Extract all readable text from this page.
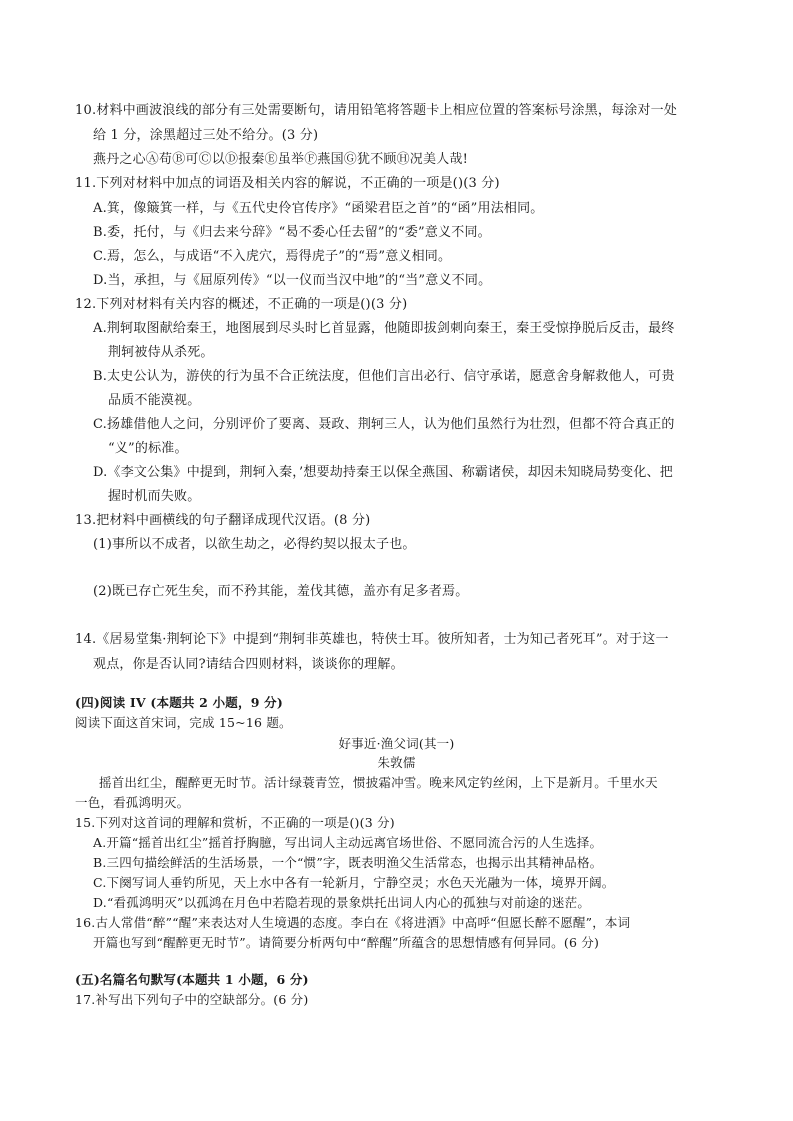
10.材料中画波浪线的部分有三处需要断句，请用铅笔将答题卡上相应位置的答案标号涂黑，每涂对一处
给 1 分，涂黑超过三处不给分。(3 分)
燕丹之心Ⓐ苟Ⓑ可Ⓒ以Ⓓ报秦Ⓔ虽举Ⓕ燕国Ⓖ犹不顾Ⓗ况美人哉!
11.下列对材料中加点的词语及相关内容的解说，不正确的一项是()(3 分)
A.箕，像簸箕一样，与《五代史伶官传序》“函梁君臣之首”的“函”用法相同。
B.委，托付，与《归去来兮辞》“曷不委心任去留”的“委”意义不同。
C.焉，怎么，与成语“不入虎穴，焉得虎子”的“焉”意义相同。
D.当，承担，与《屈原列传》“以一仪而当汉中地”的“当”意义不同。
12.下列对材料有关内容的概述，不正确的一项是()(3 分)
A.荆轲取图献给秦王，地图展到尽头时匕首显露，他随即拔剑刺向秦王，秦王受惊挣脱后反击，最终
荆轲被侍从杀死。
B.太史公认为，游侠的行为虽不合正统法度，但他们言出必行、信守承诺，愿意舍身解救他人，可贵
品质不能漠视。
C.扬雄借他人之问，分别评价了要离、聂政、荆轲三人，认为他们虽然行为壮烈，但都不符合真正的
“义”的标准。
D.《李文公集》中提到，荆轲入秦，’想要劫持秦王以保全燕国、称霸诸侯，却因未知晓局势变化、把
握时机而失败。
13.把材料中画横线的句子翻译成现代汉语。(8 分)
(1)事所以不成者，以欲生劫之，必得约契以报太子也。
(2)既已存亡死生矣，而不矜其能，羞伐其德，盖亦有足多者焉。
14.《居易堂集·荆轲论下》中提到“荆轲非英雄也，特侠士耳。彼所知者，士为知己者死耳”。对于这一
观点，你是否认同?请结合四则材料，谈谈你的理解。
(四)阅读 IV (本题共 2 小题，9 分)
阅读下面这首宋词，完成 15~16 题。
好事近·渔父词(其一)
朱敦儒
摇首出红尘，醒醉更无时节。活计绿蓑青笠，惯披霜冲雪。晚来风定钓丝闲，上下是新月。千里水天
一色，看孤鸿明灭。
15.下列对这首词的理解和赏析，不正确的一项是()(3 分)
A.开篇“摇首出红尘”摇首抒胸臆，写出词人主动远离官场世俗、不愿同流合污的人生选择。
B.三四句描绘鲜活的生活场景，一个“惯”字，既表明渔父生活常态，也揭示出其精神品格。
C.下阕写词人垂钓所见，天上水中各有一轮新月，宁静空灵；水色天光融为一体，境界开阔。
D.“看孤鸿明灭”以孤鸿在月色中若隐若现的景象烘托出词人内心的孤独与对前途的迷茫。
16.古人常借“醉”“醒”来表达对人生境遇的态度。李白在《将进酒》中高呼“但愿长醉不愿醒”，本词
开篇也写到“醒醉更无时节”。请简要分析两句中“醉醒”所蕴含的思想情感有何异同。(6 分)
(五)名篇名句默写(本题共 1 小题，6 分)
17.补写出下列句子中的空缺部分。(6 分)
